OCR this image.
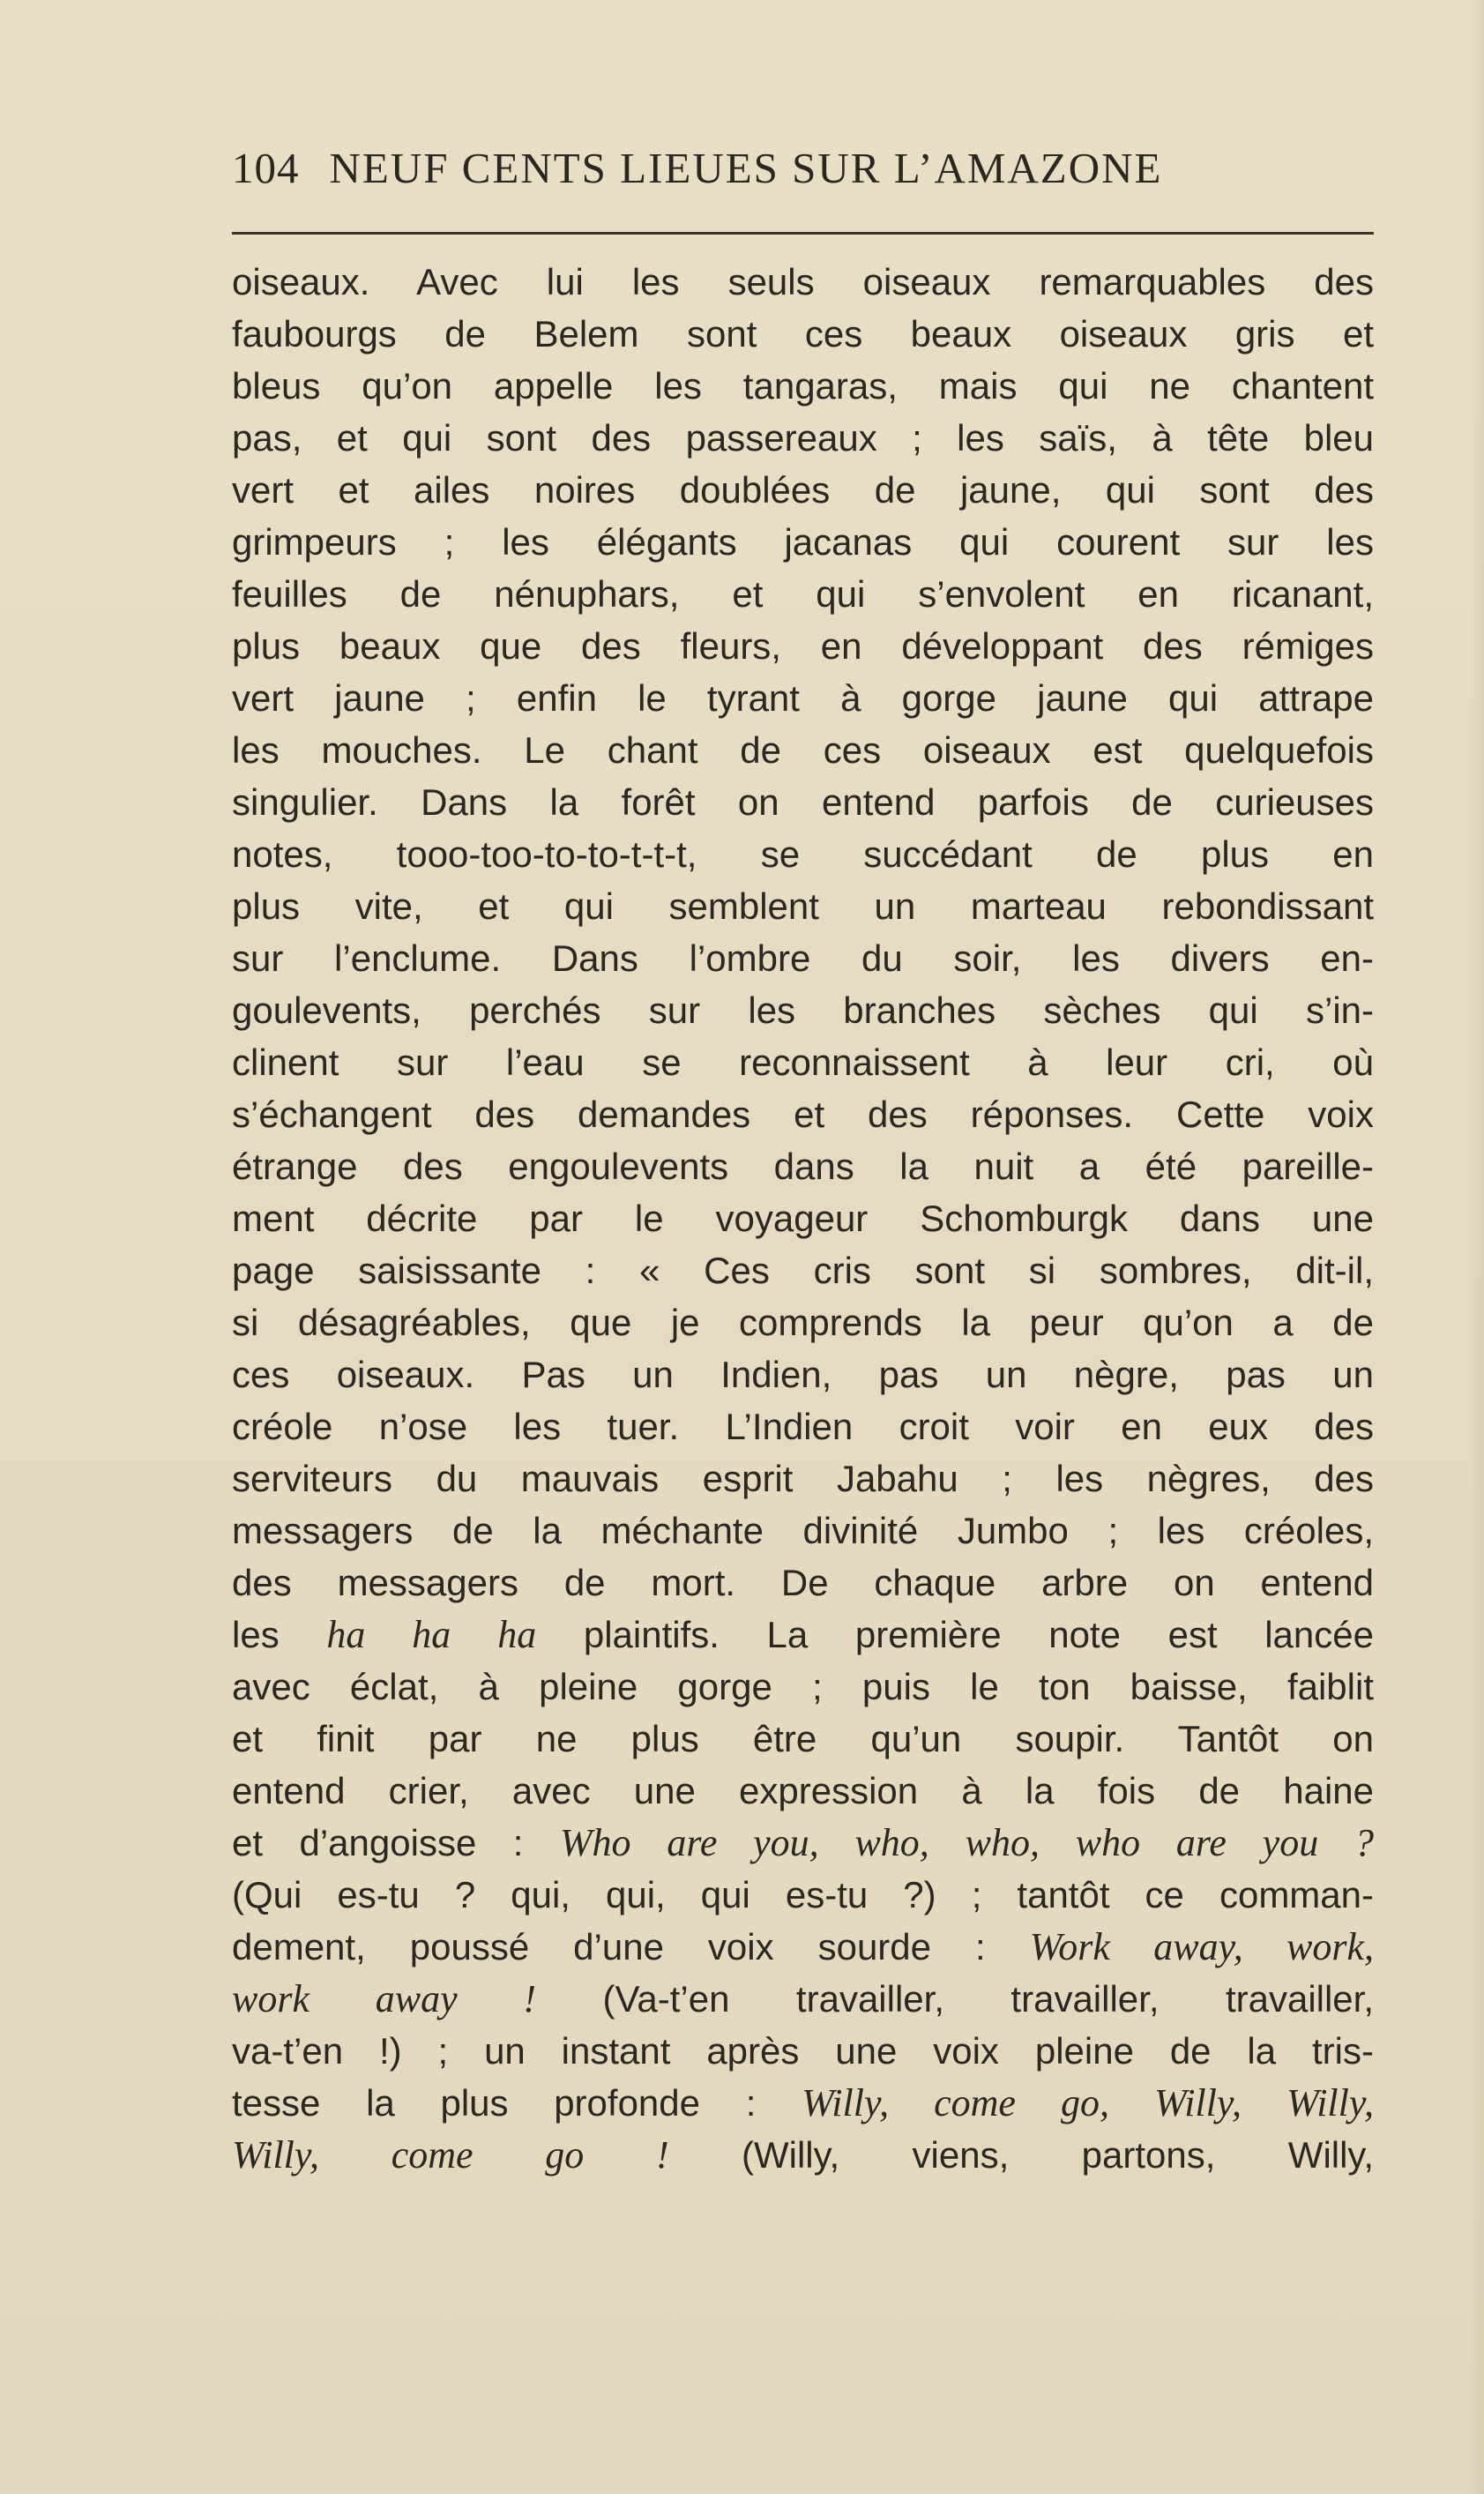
104 NEUF CENTS LIEUES SUR L’AMAZONE
oiseaux. Avec lui les seuls oiseaux remarquables des
faubourgs de Belem sont ces beaux oiseaux gris et
bleus qu’on appelle les tangaras, mais qui ne chantent
pas, et qui sont des passereaux ; les saïs, à tête bleu
vert et ailes noires doublées de jaune, qui sont des
grimpeurs ; les élégants jacanas qui courent sur les
feuilles de nénuphars, et qui s’envolent en ricanant,
plus beaux que des fleurs, en développant des rémiges
vert jaune ; enfin le tyrant à gorge jaune qui attrape
les mouches. Le chant de ces oiseaux est quelquefois
singulier. Dans la forêt on entend parfois de curieuses
notes, tooo-too-to-to-t-t-t, se succédant de plus en
plus vite, et qui semblent un marteau rebondissant
sur l’enclume. Dans l’ombre du soir, les divers en-
goulevents, perchés sur les branches sèches qui s’in-
clinent sur l’eau se reconnaissent à leur cri, où
s’échangent des demandes et des réponses. Cette voix
étrange des engoulevents dans la nuit a été pareille-
ment décrite par le voyageur Schomburgk dans une
page saisissante : « Ces cris sont si sombres, dit-il,
si désagréables, que je comprends la peur qu’on a de
ces oiseaux. Pas un Indien, pas un nègre, pas un
créole n’ose les tuer. L’Indien croit voir en eux des
serviteurs du mauvais esprit Jabahu ; les nègres, des
messagers de la méchante divinité Jumbo ; les créoles,
des messagers de mort. De chaque arbre on entend
les ha ha ha plaintifs. La première note est lancée
avec éclat, à pleine gorge ; puis le ton baisse, faiblit
et finit par ne plus être qu’un soupir. Tantôt on
entend crier, avec une expression à la fois de haine
et d’angoisse : Who are you, who, who, who are you ?
(Qui es-tu ? qui, qui, qui es-tu ?) ; tantôt ce comman-
dement, poussé d’une voix sourde : Work away, work,
work away ! (Va-t’en travailler, travailler, travailler,
va-t’en !) ; un instant après une voix pleine de la tris-
tesse la plus profonde : Willy, come go, Willy, Willy,
Willy, come go ! (Willy, viens, partons, Willy,
